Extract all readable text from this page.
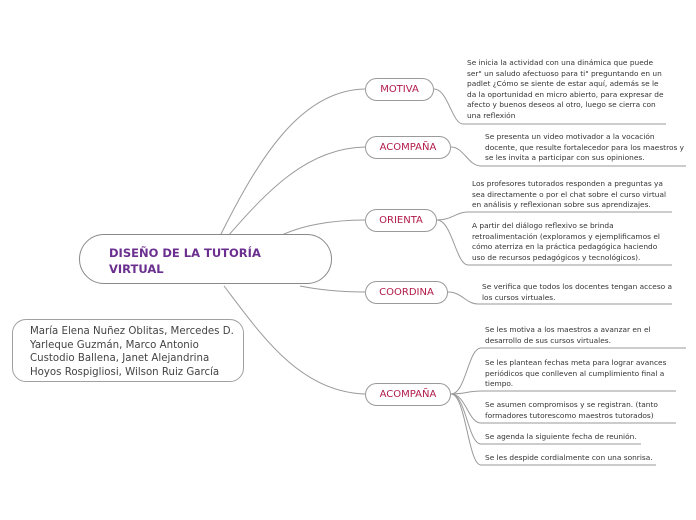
DISEÑO DE LA TUTORÍA VIRTUAL
María Elena Nuñez Oblitas, Mercedes D. Yarleque Guzmán, Marco Antonio Custodio Ballena, Janet Alejandrina Hoyos Rospigliosi, Wilson Ruiz García
MOTIVA
ACOMPAÑA
ORIENTA
COORDINA
ACOMPAÑA
Se inicia la actividad con una dinámica que puede ser" un saludo afectuoso para ti" preguntando en un padlet ¿Cómo se siente de estar aquí, además se le da la oportunidad en micro abierto, para expresar de afecto y buenos deseos al otro, luego se cierra con una reflexión
Se presenta un video motivador a la vocación docente, que resulte fortalecedor para los maestros y se les invita a participar con sus opiniones.
Los profesores tutorados responden a preguntas ya sea directamente o por el chat sobre el curso virtual en análisis y reflexionan sobre sus aprendizajes.
A partir del diálogo reflexivo se brinda retroalimentación (exploramos y ejemplificamos el cómo aterriza en la práctica pedagógica haciendo uso de recursos pedagógicos y tecnológicos).
Se verifica que todos los docentes tengan acceso a los cursos virtuales.
Se les motiva a los maestros a avanzar en el desarrollo de sus cursos virtuales.
Se les plantean fechas meta para lograr avances periódicos que conlleven al cumplimiento final a tiempo.
Se asumen compromisos y se registran. (tanto formadores tutorescomo maestros tutorados)
Se agenda la siguiente fecha de reunión.
Se les despide cordialmente con una sonrisa.
